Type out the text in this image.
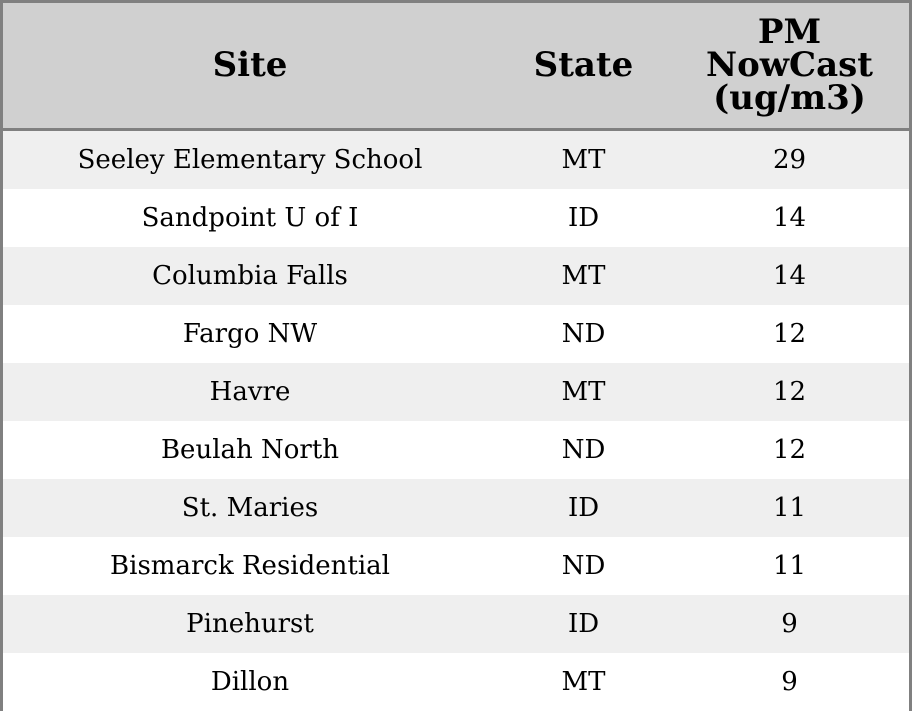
Site	State	PM
NowCast
(ug/m3)

Seeley Elementary School	MT	29
Sandpoint U of I	ID	14
Columbia Falls	MT	14
Fargo NW	ND	12
Havre	MT	12
Beulah North	ND	12
St. Maries	ID	11
Bismarck Residential	ND	11
Pinehurst	ID	9
Dillon	MT	9
